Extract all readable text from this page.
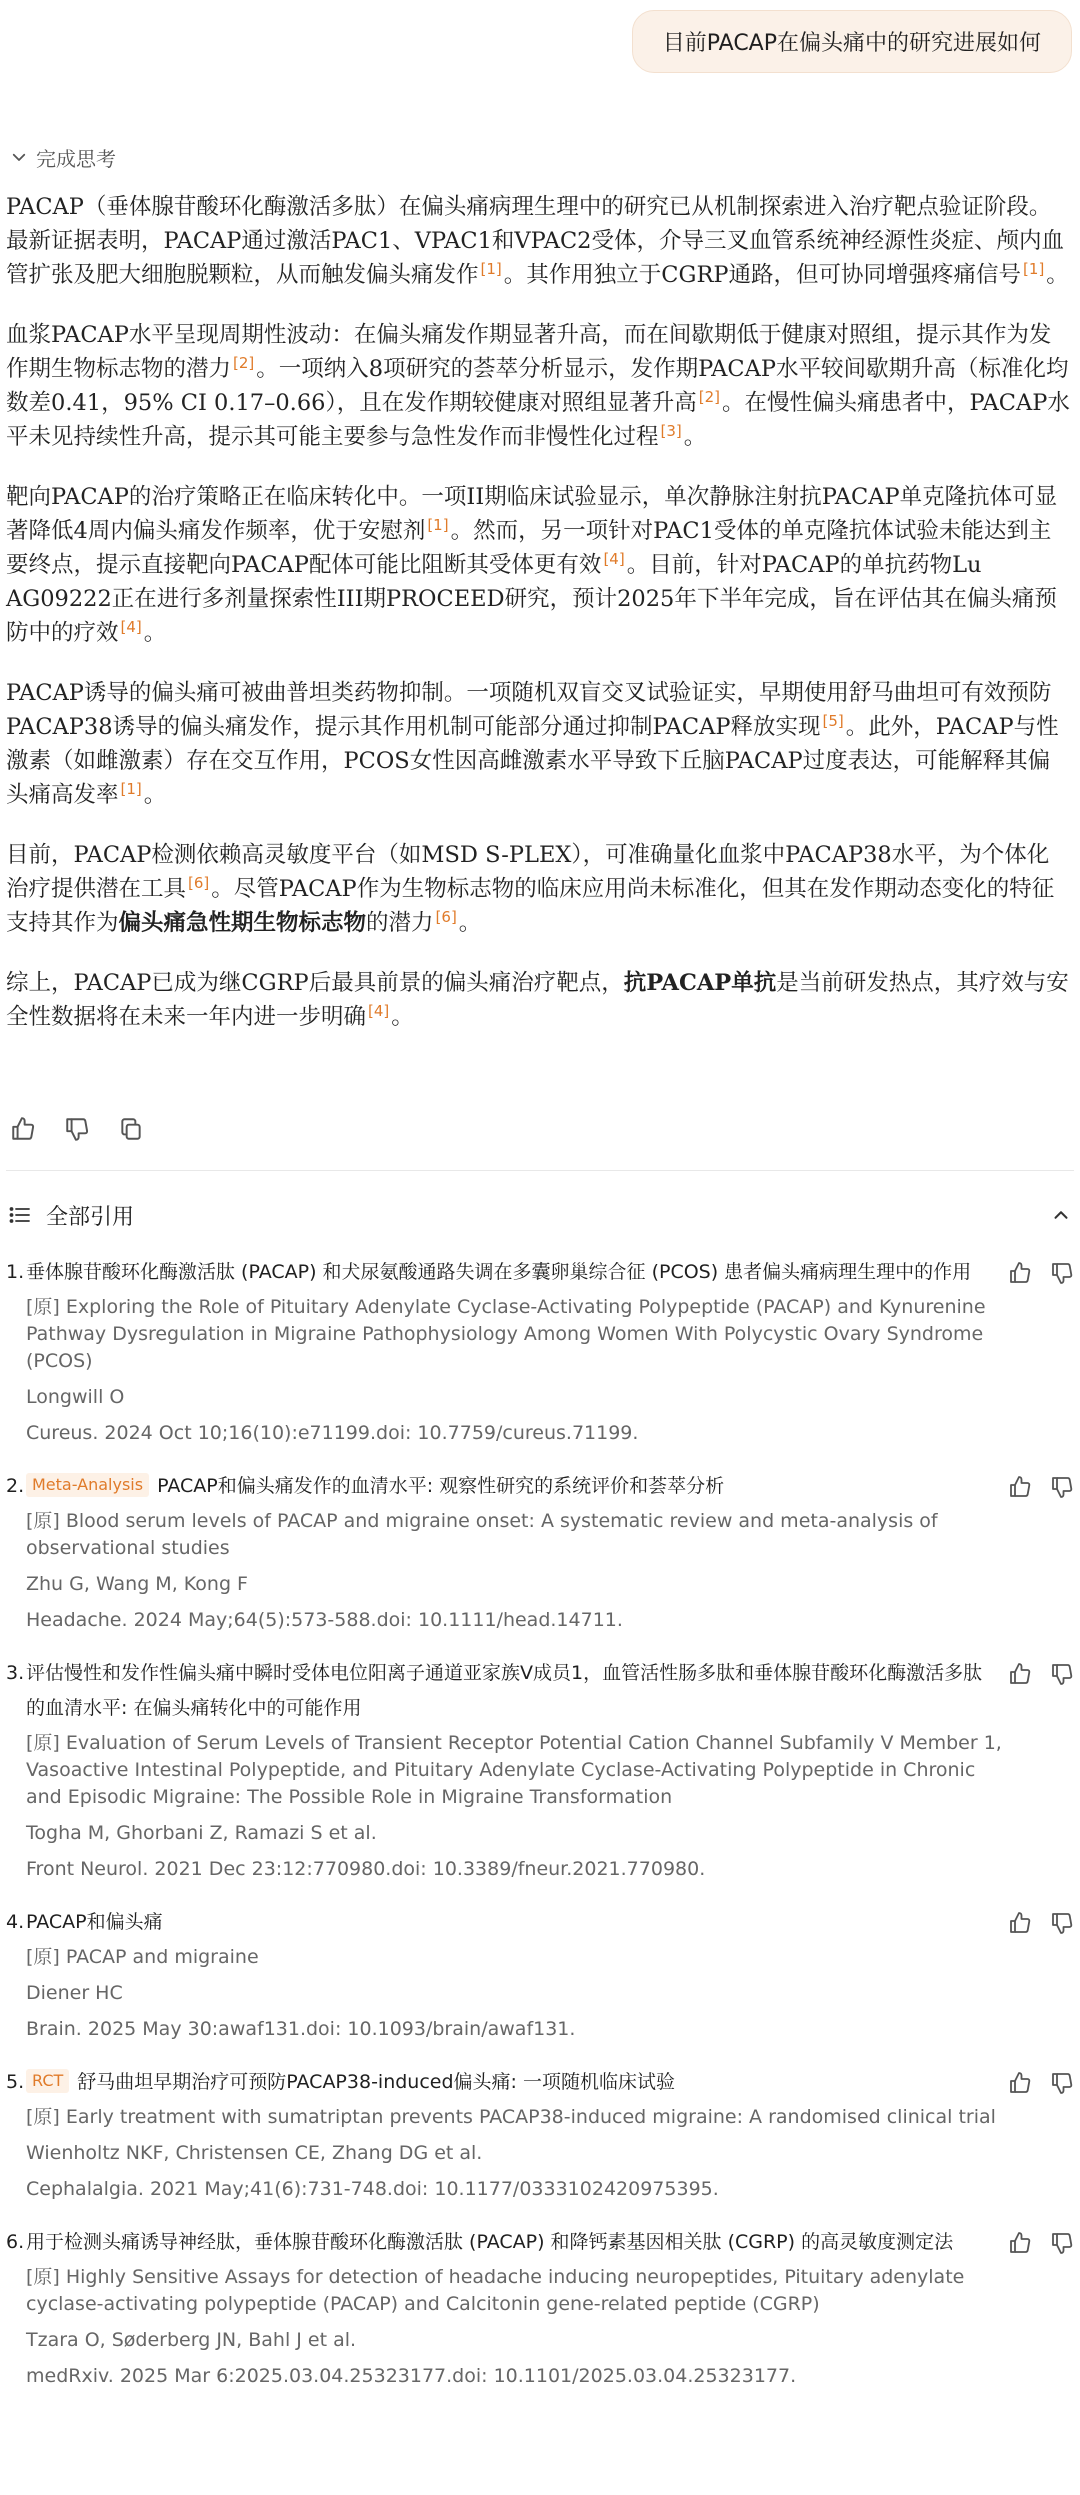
目前PACAP在偏头痛中的研究进展如何
完成思考

PACAP（垂体腺苷酸环化酶激活多肽）在偏头痛病理生理中的研究已从机制探索进入治疗靶点验证阶段。最新证据表明，PACAP通过激活PAC1、VPAC1和VPAC2受体，介导三叉血管系统神经源性炎症、颅内血管扩张及肥大细胞脱颗粒，从而触发偏头痛发作 [1]。其作用独立于CGRP通路，但可协同增强疼痛信号 [1]。

血浆PACAP水平呈现周期性波动：在偏头痛发作期显著升高，而在间歇期低于健康对照组，提示其作为发作期生物标志物的潜力 [2]。一项纳入8项研究的荟萃分析显示，发作期PACAP水平较间歇期升高（标准化均数差0.41，95% CI 0.17–0.66），且在发作期较健康对照组显著升高 [2]。在慢性偏头痛患者中，PACAP水平未见持续性升高，提示其可能主要参与急性发作而非慢性化过程 [3]。

靶向PACAP的治疗策略正在临床转化中。一项II期临床试验显示，单次静脉注射抗PACAP单克隆抗体可显著降低4周内偏头痛发作频率，优于安慰剂 [1]。然而，另一项针对PAC1受体的单克隆抗体试验未能达到主要终点，提示直接靶向PACAP配体可能比阻断其受体更有效 [4]。目前，针对PACAP的单抗药物Lu AG09222正在进行多剂量探索性III期PROCEED研究，预计2025年下半年完成，旨在评估其在偏头痛预防中的疗效 [4]。

PACAP诱导的偏头痛可被曲普坦类药物抑制。一项随机双盲交叉试验证实，早期使用舒马曲坦可有效预防PACAP38诱导的偏头痛发作，提示其作用机制可能部分通过抑制PACAP释放实现 [5]。此外，PACAP与性激素（如雌激素）存在交互作用，PCOS女性因高雌激素水平导致下丘脑PACAP过度表达，可能解释其偏头痛高发率 [1]。

目前，PACAP检测依赖高灵敏度平台（如MSD S-PLEX），可准确量化血浆中PACAP38水平，为个体化治疗提供潜在工具 [6]。尽管PACAP作为生物标志物的临床应用尚未标准化，但其在发作期动态变化的特征支持其作为偏头痛急性期生物标志物的潜力 [6]。

综上，PACAP已成为继CGRP后最具前景的偏头痛治疗靶点，抗PACAP单抗是当前研发热点，其疗效与安全性数据将在未来一年内进一步明确 [4]。

全部引用
1. 垂体腺苷酸环化酶激活肽 (PACAP) 和犬尿氨酸通路失调在多囊卵巢综合征 (PCOS) 患者偏头痛病理生理中的作用
[原] Exploring the Role of Pituitary Adenylate Cyclase-Activating Polypeptide (PACAP) and Kynurenine Pathway Dysregulation in Migraine Pathophysiology Among Women With Polycystic Ovary Syndrome (PCOS)
Longwill O
Cureus. 2024 Oct 10;16(10):e71199.doi: 10.7759/cureus.71199.
2. Meta-Analysis PACAP和偏头痛发作的血清水平: 观察性研究的系统评价和荟萃分析
[原] Blood serum levels of PACAP and migraine onset: A systematic review and meta-analysis of observational studies
Zhu G, Wang M, Kong F
Headache. 2024 May;64(5):573-588.doi: 10.1111/head.14711.
3. 评估慢性和发作性偏头痛中瞬时受体电位阳离子通道亚家族V成员1，血管活性肠多肽和垂体腺苷酸环化酶激活多肽的血清水平: 在偏头痛转化中的可能作用
[原] Evaluation of Serum Levels of Transient Receptor Potential Cation Channel Subfamily V Member 1, Vasoactive Intestinal Polypeptide, and Pituitary Adenylate Cyclase-Activating Polypeptide in Chronic and Episodic Migraine: The Possible Role in Migraine Transformation
Togha M, Ghorbani Z, Ramazi S et al.
Front Neurol. 2021 Dec 23:12:770980.doi: 10.3389/fneur.2021.770980.
4. PACAP和偏头痛
[原] PACAP and migraine
Diener HC
Brain. 2025 May 30:awaf131.doi: 10.1093/brain/awaf131.
5. RCT 舒马曲坦早期治疗可预防PACAP38-induced偏头痛: 一项随机临床试验
[原] Early treatment with sumatriptan prevents PACAP38-induced migraine: A randomised clinical trial
Wienholtz NKF, Christensen CE, Zhang DG et al.
Cephalalgia. 2021 May;41(6):731-748.doi: 10.1177/0333102420975395.
6. 用于检测头痛诱导神经肽，垂体腺苷酸环化酶激活肽 (PACAP) 和降钙素基因相关肽 (CGRP) 的高灵敏度测定法
[原] Highly Sensitive Assays for detection of headache inducing neuropeptides, Pituitary adenylate cyclase-activating polypeptide (PACAP) and Calcitonin gene-related peptide (CGRP)
Tzara O, Søderberg JN, Bahl J et al.
medRxiv. 2025 Mar 6:2025.03.04.25323177.doi: 10.1101/2025.03.04.25323177.
